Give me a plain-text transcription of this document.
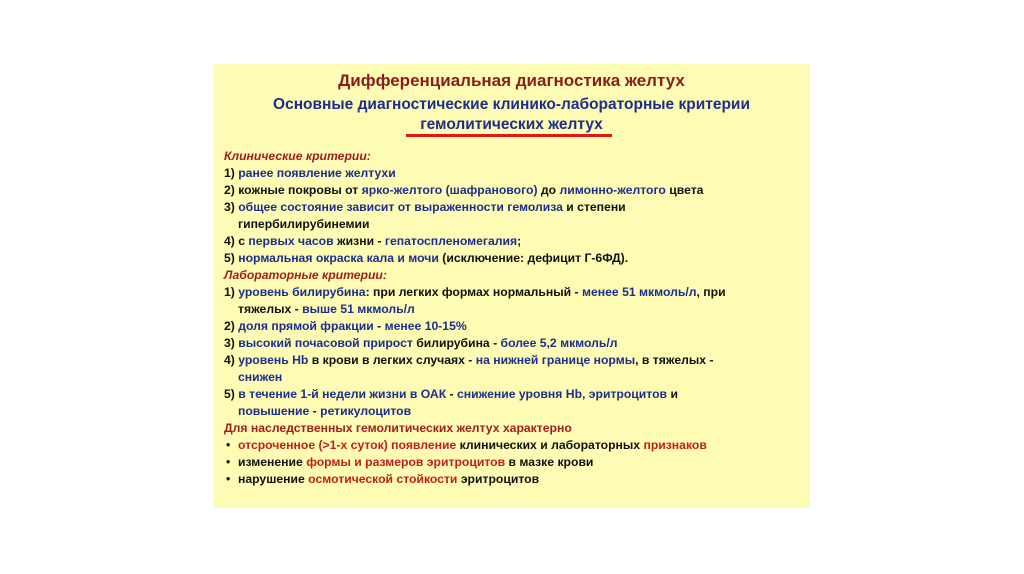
Дифференциальная диагностика желтух
Основные диагностические клинико-лабораторные критерии
гемолитических желтух
Клинические критерии:
1) ранее появление желтухи
2) кожные покровы от ярко-желтого (шафранового) до лимонно-желтого цвета
3) общее состояние зависит от выраженности гемолиза и степени
гипербилирубинемии
4) с первых часов жизни - гепатоспленомегалия;
5) нормальная окраска кала и мочи (исключение: дефицит Г-6ФД).
Лабораторные критерии:
1) уровень билирубина: при легких формах нормальный - менее 51 мкмоль/л, при
тяжелых - выше 51 мкмоль/л
2) доля прямой фракции - менее 10-15%
3) высокий почасовой прирост билирубина - более 5,2 мкмоль/л
4) уровень Hb в крови в легких случаях - на нижней границе нормы, в тяжелых -
снижен
5) в течение 1-й недели жизни в ОАК - снижение уровня Hb, эритроцитов и
повышение - ретикулоцитов
Для наследственных гемолитических желтух характерно
• отсроченное (>1-х суток) появление клинических и лабораторных признаков
• изменение формы и размеров эритроцитов в мазке крови
• нарушение осмотической стойкости эритроцитов
